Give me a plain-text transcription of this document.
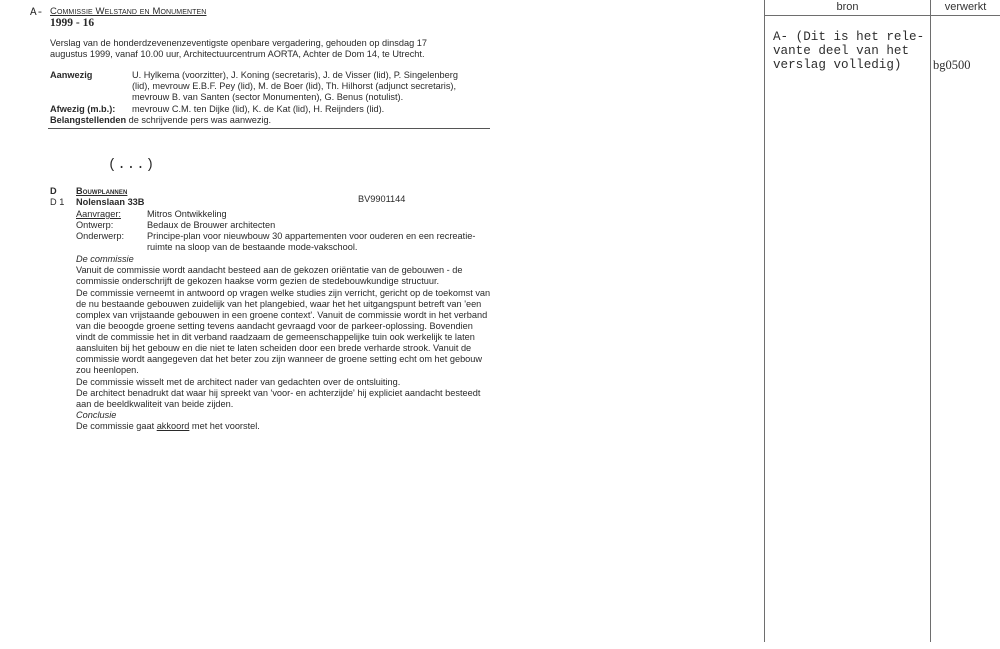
A- Commissie Welstand en Monumenten
1999 - 16
Verslag van de honderdzevenenzeventigste openbare vergadering, gehouden op dinsdag 17
augustus 1999, vanaf 10.00 uur, Architectuurcentrum AORTA, Achter de Dom 14, te Utrecht.
Aanwezig	U. Hylkema (voorzitter), J. Koning (secretaris), J. de Visser (lid), P. Singelenberg
(lid), mevrouw E.B.F. Pey (lid), M. de Boer (lid), Th. Hilhorst (adjunct secretaris),
mevrouw B. van Santen (sector Monumenten), G. Benus (notulist).
Afwezig (m.b.): mevrouw C.M. ten Dijke (lid), K. de Kat (lid), H. Reijnders (lid).
Belangstellenden de schrijvende pers was aanwezig.
(...)
D Bouwplannen
D 1 Nolenslaan 33B	BV9901144
Aanvrager:	Mitros Ontwikkeling
Ontwerp:	Bedaux de Brouwer architecten
Onderwerp: Principe-plan voor nieuwbouw 30 appartementen voor ouderen en een recreatie-
ruimte na sloop van de bestaande mode-vakschool.
De commissie
Vanuit de commissie wordt aandacht besteed aan de gekozen oriëntatie van de gebouwen - de
commissie onderschrijft de gekozen haakse vorm gezien de stedebouwkundige structuur.
De commissie verneemt in antwoord op vragen welke studies zijn verricht, gericht op de toekomst van
de nu bestaande gebouwen zuidelijk van het plangebied, waar het het uitgangspunt betreft van 'een
complex van vrijstaande gebouwen in een groene context'. Vanuit de commissie wordt in het verband
van die beoogde groene setting tevens aandacht gevraagd voor de parkeer-oplossing. Bovendien
vindt de commissie het in dit verband raadzaam de gemeenschappelijke tuin ook werkelijk te laten
aansluiten bij het gebouw en die niet te laten scheiden door een brede verharde strook. Vanuit de
commissie wordt aangegeven dat het beter zou zijn wanneer de groene setting echt om het gebouw
zou heenlopen.
De commissie wisselt met de architect nader van gedachten over de ontsluiting.
De architect benadrukt dat waar hij spreekt van 'voor- en achterzijde' hij expliciet aandacht besteedt
aan de beeldkwaliteit van beide zijden.
Conclusie
De commissie gaat akkoord met het voorstel.
bron	verwerkt
A- (Dit is het rele-
vante deel van het
verslag volledig)	bg0500
